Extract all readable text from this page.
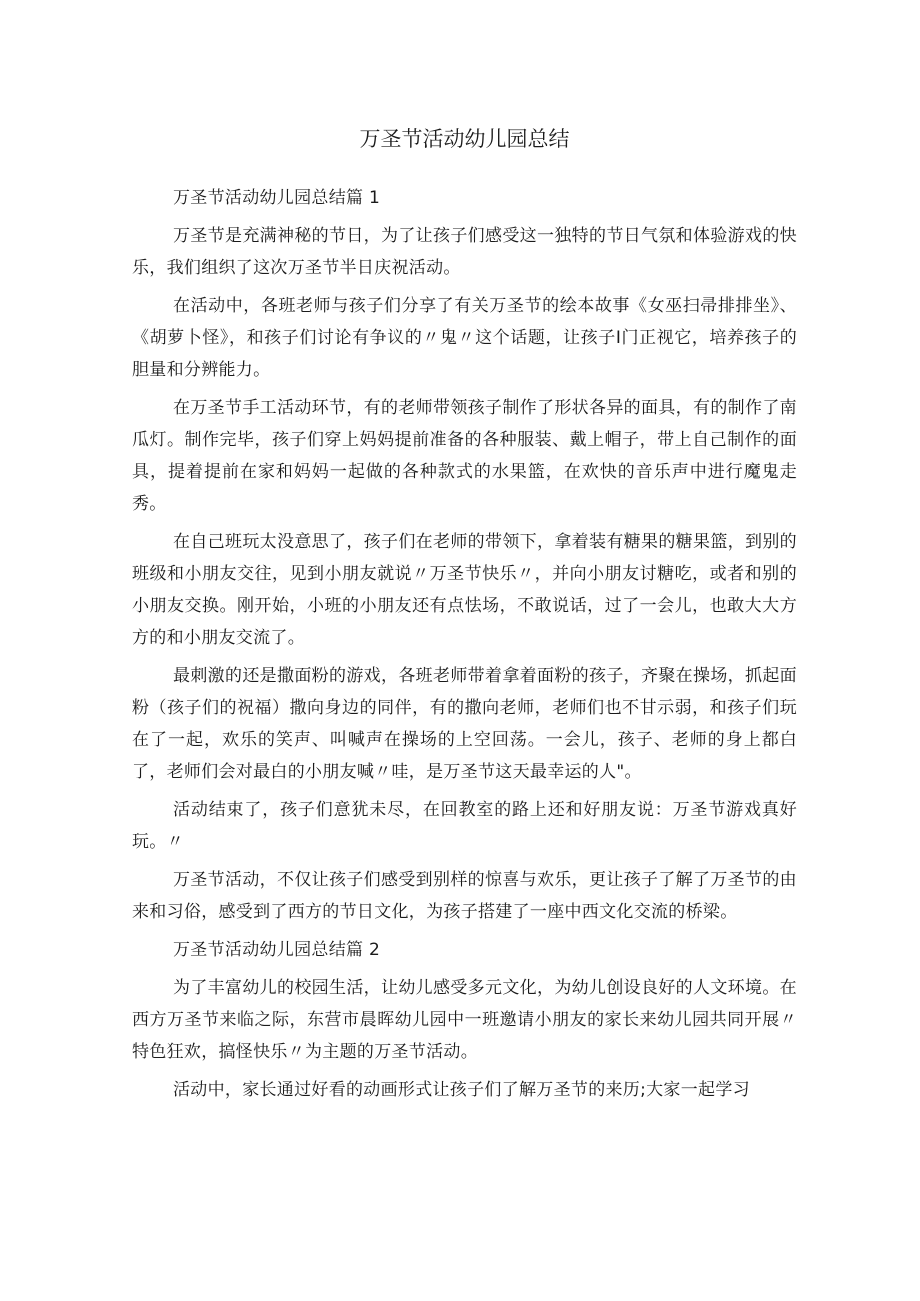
万圣节活动幼儿园总结

万圣节活动幼儿园总结篇 1

万圣节是充满神秘的节日，为了让孩子们感受这一独特的节日气氛和体验游戏的快乐，我们组织了这次万圣节半日庆祝活动。

在活动中，各班老师与孩子们分享了有关万圣节的绘本故事《女巫扫帚排排坐》、《胡萝卜怪》，和孩子们讨论有争议的〃鬼〃这个话题，让孩子I门正视它，培养孩子的胆量和分辨能力。

在万圣节手工活动环节，有的老师带领孩子制作了形状各异的面具，有的制作了南瓜灯。制作完毕，孩子们穿上妈妈提前准备的各种服装、戴上帽子，带上自己制作的面具，提着提前在家和妈妈一起做的各种款式的水果篮，在欢快的音乐声中进行魔鬼走秀。

在自己班玩太没意思了，孩子们在老师的带领下，拿着装有糖果的糖果篮，到别的班级和小朋友交往，见到小朋友就说〃万圣节快乐〃，并向小朋友讨糖吃，或者和别的小朋友交换。刚开始，小班的小朋友还有点怯场，不敢说话，过了一会儿，也敢大大方方的和小朋友交流了。

最刺激的还是撒面粉的游戏，各班老师带着拿着面粉的孩子，齐聚在操场，抓起面粉（孩子们的祝福）撒向身边的同伴，有的撒向老师，老师们也不甘示弱，和孩子们玩在了一起，欢乐的笑声、叫喊声在操场的上空回荡。一会儿，孩子、老师的身上都白了，老师们会对最白的小朋友喊〃哇，是万圣节这天最幸运的人"。

活动结束了，孩子们意犹未尽，在回教室的路上还和好朋友说：万圣节游戏真好玩。〃

万圣节活动，不仅让孩子们感受到别样的惊喜与欢乐，更让孩子了解了万圣节的由来和习俗，感受到了西方的节日文化，为孩子搭建了一座中西文化交流的桥梁。

万圣节活动幼儿园总结篇 2

为了丰富幼儿的校园生活，让幼儿感受多元文化，为幼儿创设良好的人文环境。在西方万圣节来临之际，东营市晨晖幼儿园中一班邀请小朋友的家长来幼儿园共同开展〃特色狂欢，搞怪快乐〃为主题的万圣节活动。

活动中，家长通过好看的动画形式让孩子们了解万圣节的来历;大家一起学习
